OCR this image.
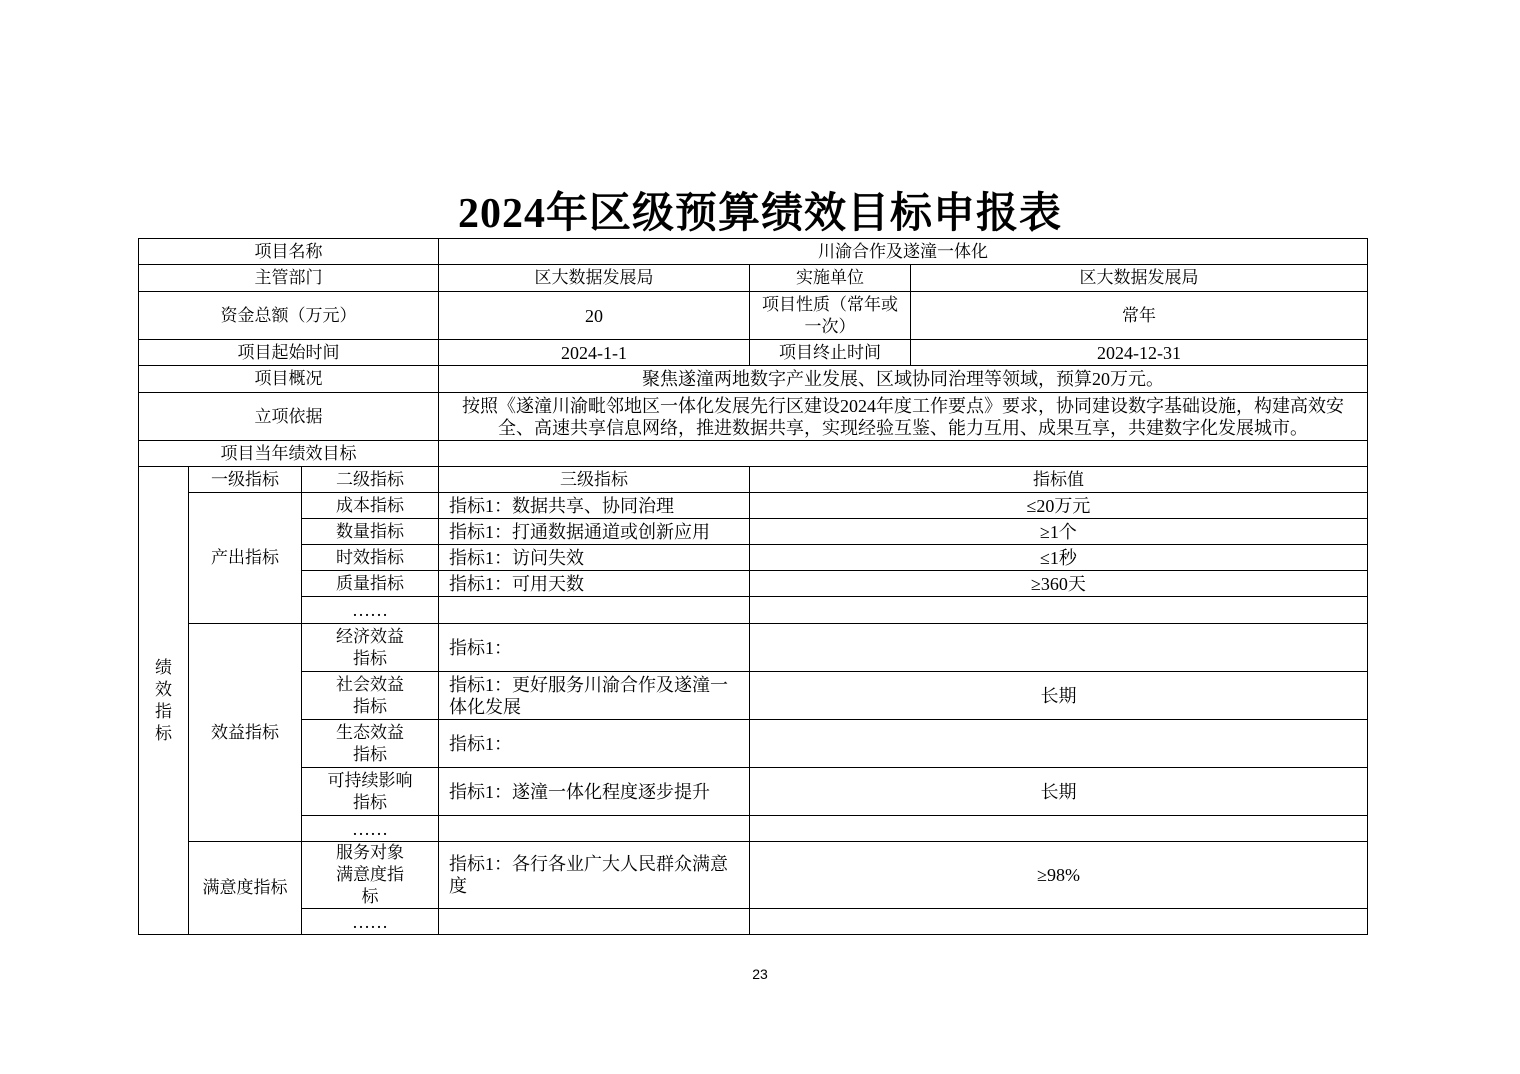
2024年区级预算绩效目标申报表
项目名称			川渝合作及遂潼一体化		
主管部门			区大数据发展局	实施单位	区大数据发展局
资金总额（万元）			20	项目性质（常年或一次）	常年
项目起始时间			2024-1-1	项目终止时间	2024-12-31
项目概况			聚焦遂潼两地数字产业发展、区域协同治理等领域，预算20万元。		
立项依据			按照《遂潼川渝毗邻地区一体化发展先行区建设2024年度工作要点》要求，协同建设数字基础设施，构建高效安全、高速共享信息网络，推进数据共享，实现经验互鉴、能力互用、成果互享，共建数字化发展城市。		
项目当年绩效目标					
绩效指标	一级指标	二级指标	三级指标	指标值	
	产出指标	成本指标	指标1：数据共享、协同治理	≤20万元	
		数量指标	指标1：打通数据通道或创新应用	≥1个	
		时效指标	指标1：访问失效	≤1秒	
		质量指标	指标1：可用天数	≥360天	
		……			
	效益指标	经济效益指标	指标1：		
		社会效益指标	指标1：更好服务川渝合作及遂潼一体化发展	长期	
		生态效益指标	指标1：		
		可持续影响指标	指标1：遂潼一体化程度逐步提升	长期	
		……			
	满意度指标	服务对象满意度指标	指标1：各行各业广大人民群众满意度	≥98%	
		……			
23
